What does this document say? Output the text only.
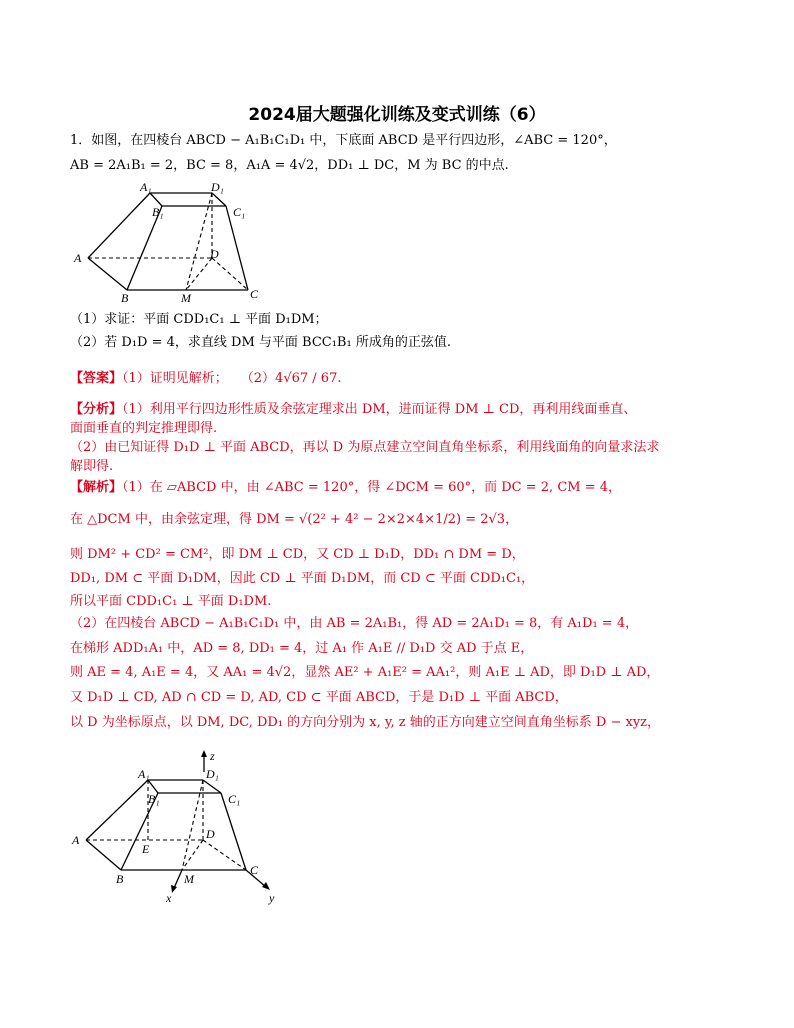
2024届大题强化训练及变式训练（6）
1．如图，在四棱台 ABCD − A₁B₁C₁D₁ 中，下底面 ABCD 是平行四边形，∠ABC = 120°，
AB = 2A₁B₁ = 2，BC = 8，A₁A = 4√2，DD₁ ⊥ DC，M 为 BC 的中点.
A₁	D₁
B₁	C₁
A	D
B	M	C
（1）求证：平面 CDD₁C₁ ⊥ 平面 D₁DM；
（2）若 D₁D = 4，求直线 DM 与平面 BCC₁B₁ 所成角的正弦值.
【答案】（1）证明见解析；　　（2）4√67 / 67.
【分析】（1）利用平行四边形性质及余弦定理求出 DM，进而证得 DM ⊥ CD，再利用线面垂直、
面面垂直的判定推理即得.
（2）由已知证得 D₁D ⊥ 平面 ABCD，再以 D 为原点建立空间直角坐标系，利用线面角的向量求法求
解即得.
【解析】（1）在 ▱ABCD 中，由 ∠ABC = 120°，得 ∠DCM = 60°，而 DC = 2, CM = 4，
在 △DCM 中，由余弦定理，得 DM = √(2² + 4² − 2×2×4×1/2) = 2√3，
则 DM² + CD² = CM²，即 DM ⊥ CD，又 CD ⊥ D₁D，DD₁ ∩ DM = D，
DD₁, DM ⊂ 平面 D₁DM，因此 CD ⊥ 平面 D₁DM，而 CD ⊂ 平面 CDD₁C₁，
所以平面 CDD₁C₁ ⊥ 平面 D₁DM.
（2）在四棱台 ABCD − A₁B₁C₁D₁ 中，由 AB = 2A₁B₁，得 AD = 2A₁D₁ = 8，有 A₁D₁ = 4，
在梯形 ADD₁A₁ 中，AD = 8, DD₁ = 4，过 A₁ 作 A₁E // D₁D 交 AD 于点 E，
则 AE = 4, A₁E = 4，又 AA₁ = 4√2，显然 AE² + A₁E² = AA₁²，则 A₁E ⊥ AD，即 D₁D ⊥ AD，
又 D₁D ⊥ CD, AD ∩ CD = D, AD, CD ⊂ 平面 ABCD，于是 D₁D ⊥ 平面 ABCD，
以 D 为坐标原点，以 DM, DC, DD₁ 的方向分别为 x, y, z 轴的正方向建立空间直角坐标系 D − xyz，
z
A₁	D₁
B₁	C₁
A	D
E
B	M
C
x	y
